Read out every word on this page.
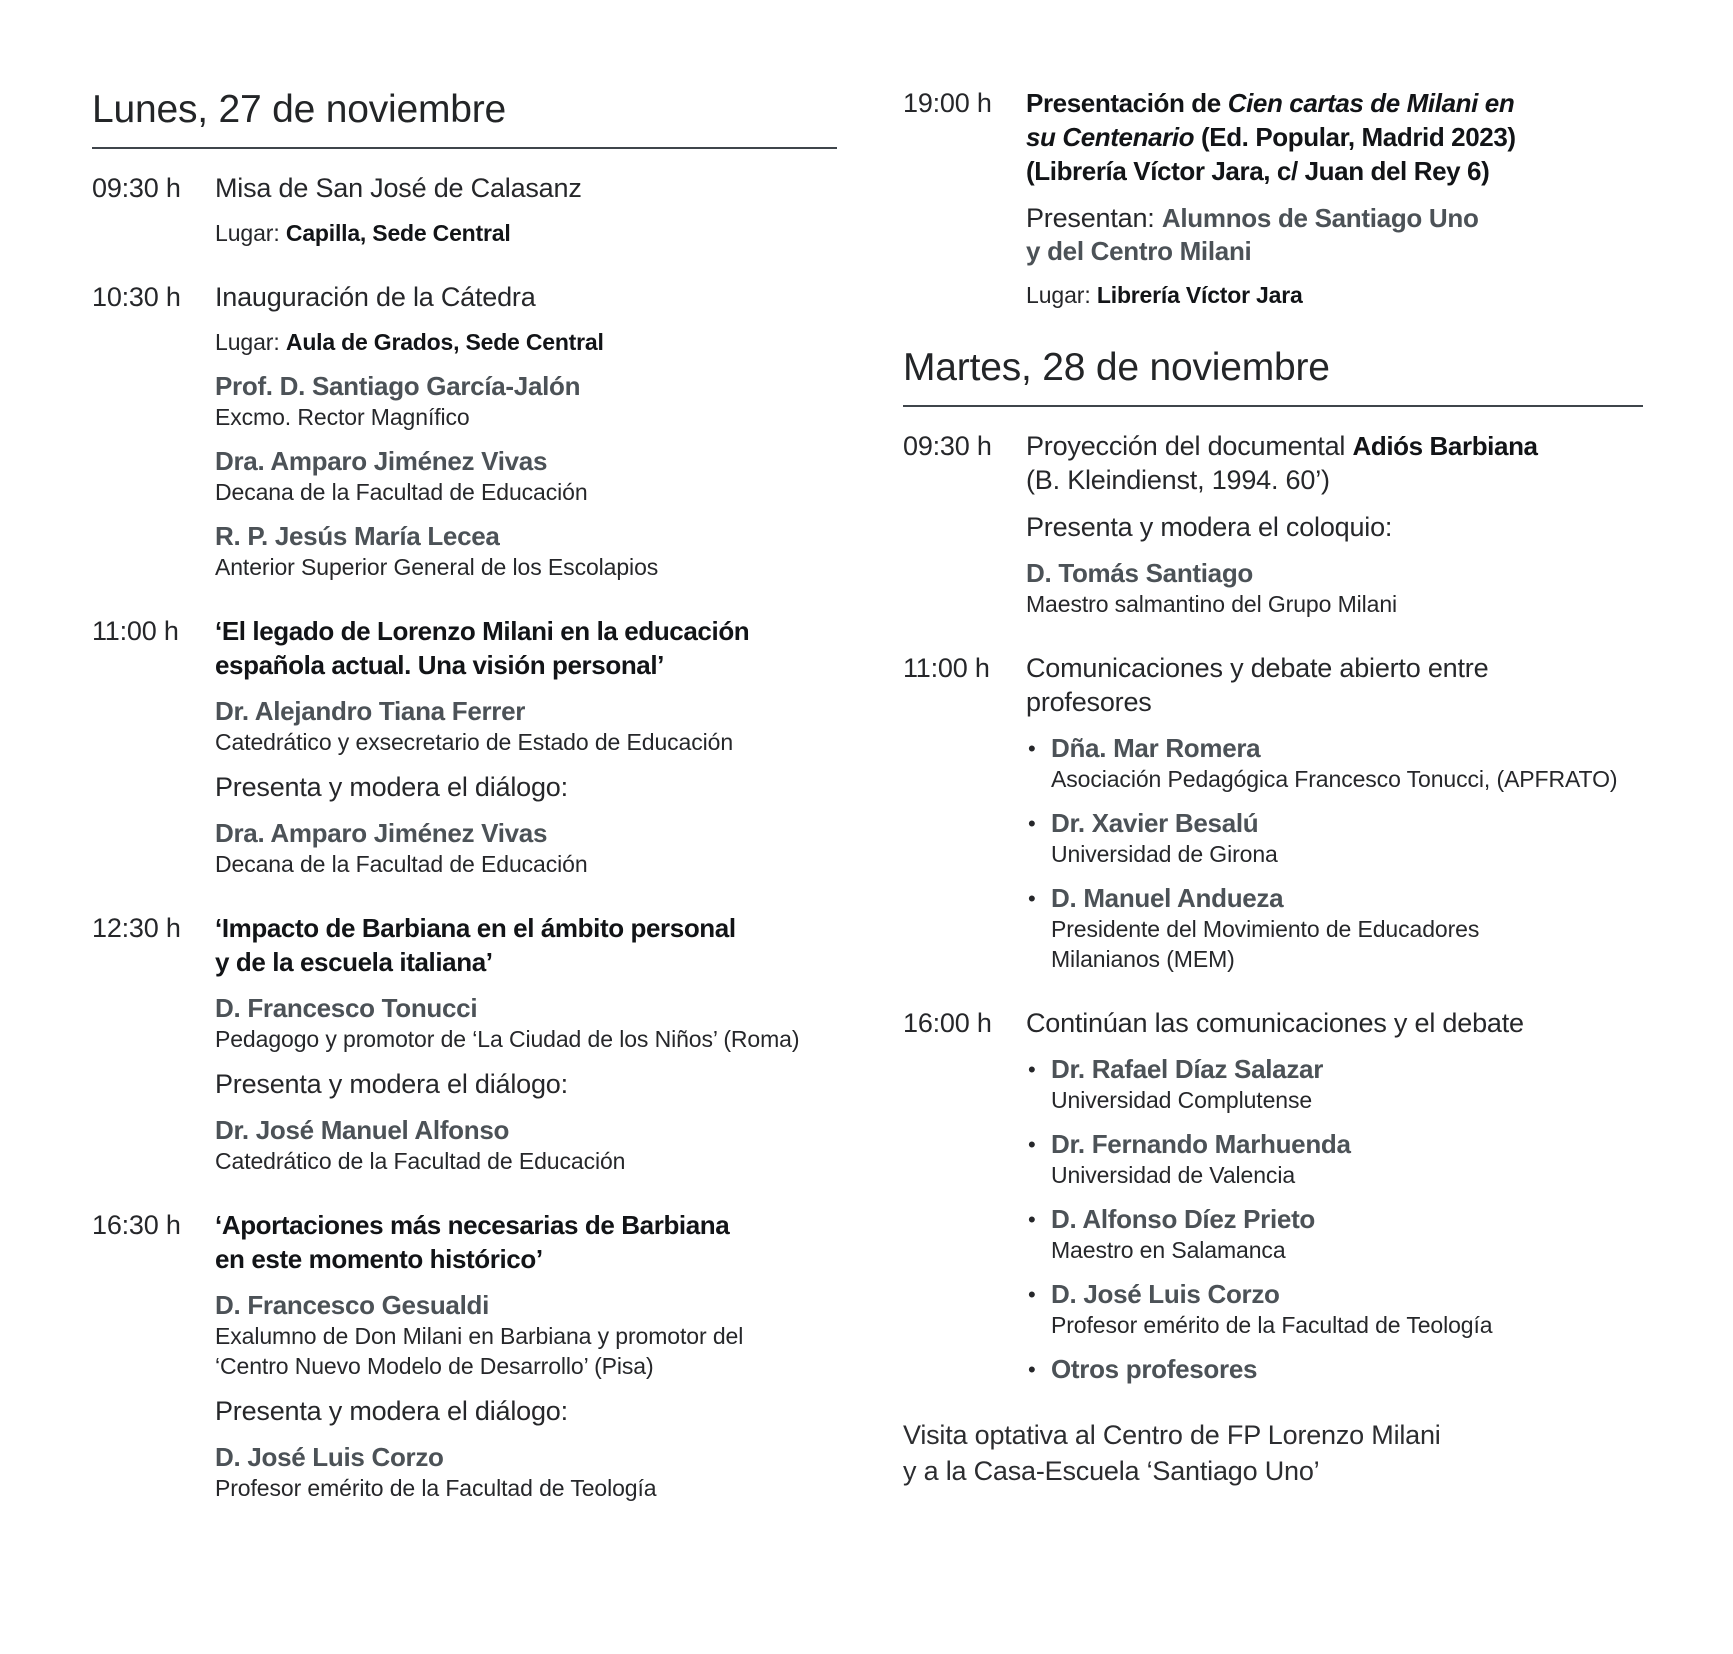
Lunes, 27 de noviembre
09:30 h	Misa de San José de Calasanz
Lugar: Capilla, Sede Central
10:30 h	Inauguración de la Cátedra
Lugar: Aula de Grados, Sede Central
Prof. D. Santiago García-Jalón
Excmo. Rector Magnífico
Dra. Amparo Jiménez Vivas
Decana de la Facultad de Educación
R. P. Jesús María Lecea
Anterior Superior General de los Escolapios
11:00 h	‘El legado de Lorenzo Milani en la educación
española actual. Una visión personal’
Dr. Alejandro Tiana Ferrer
Catedrático y exsecretario de Estado de Educación
Presenta y modera el diálogo:
Dra. Amparo Jiménez Vivas
Decana de la Facultad de Educación
12:30 h	‘Impacto de Barbiana en el ámbito personal
y de la escuela italiana’
D. Francesco Tonucci
Pedagogo y promotor de ‘La Ciudad de los Niños’ (Roma)
Presenta y modera el diálogo:
Dr. José Manuel Alfonso
Catedrático de la Facultad de Educación
16:30 h	‘Aportaciones más necesarias de Barbiana
en este momento histórico’
D. Francesco Gesualdi
Exalumno de Don Milani en Barbiana y promotor del
‘Centro Nuevo Modelo de Desarrollo’ (Pisa)
Presenta y modera el diálogo:
D. José Luis Corzo
Profesor emérito de la Facultad de Teología
19:00 h	Presentación de Cien cartas de Milani en
su Centenario (Ed. Popular, Madrid 2023)
(Librería Víctor Jara, c/ Juan del Rey 6)
Presentan: Alumnos de Santiago Uno
y del Centro Milani
Lugar: Librería Víctor Jara
Martes, 28 de noviembre
09:30 h	Proyección del documental Adiós Barbiana
(B. Kleindienst, 1994. 60’)
Presenta y modera el coloquio:
D. Tomás Santiago
Maestro salmantino del Grupo Milani
11:00 h	Comunicaciones y debate abierto entre
profesores
• Dña. Mar Romera
Asociación Pedagógica Francesco Tonucci, (APFRATO)
• Dr. Xavier Besalú
Universidad de Girona
• D. Manuel Andueza
Presidente del Movimiento de Educadores
Milanianos (MEM)
16:00 h	Continúan las comunicaciones y el debate
• Dr. Rafael Díaz Salazar
Universidad Complutense
• Dr. Fernando Marhuenda
Universidad de Valencia
• D. Alfonso Díez Prieto
Maestro en Salamanca
• D. José Luis Corzo
Profesor emérito de la Facultad de Teología
• Otros profesores
Visita optativa al Centro de FP Lorenzo Milani
y a la Casa-Escuela ‘Santiago Uno’
